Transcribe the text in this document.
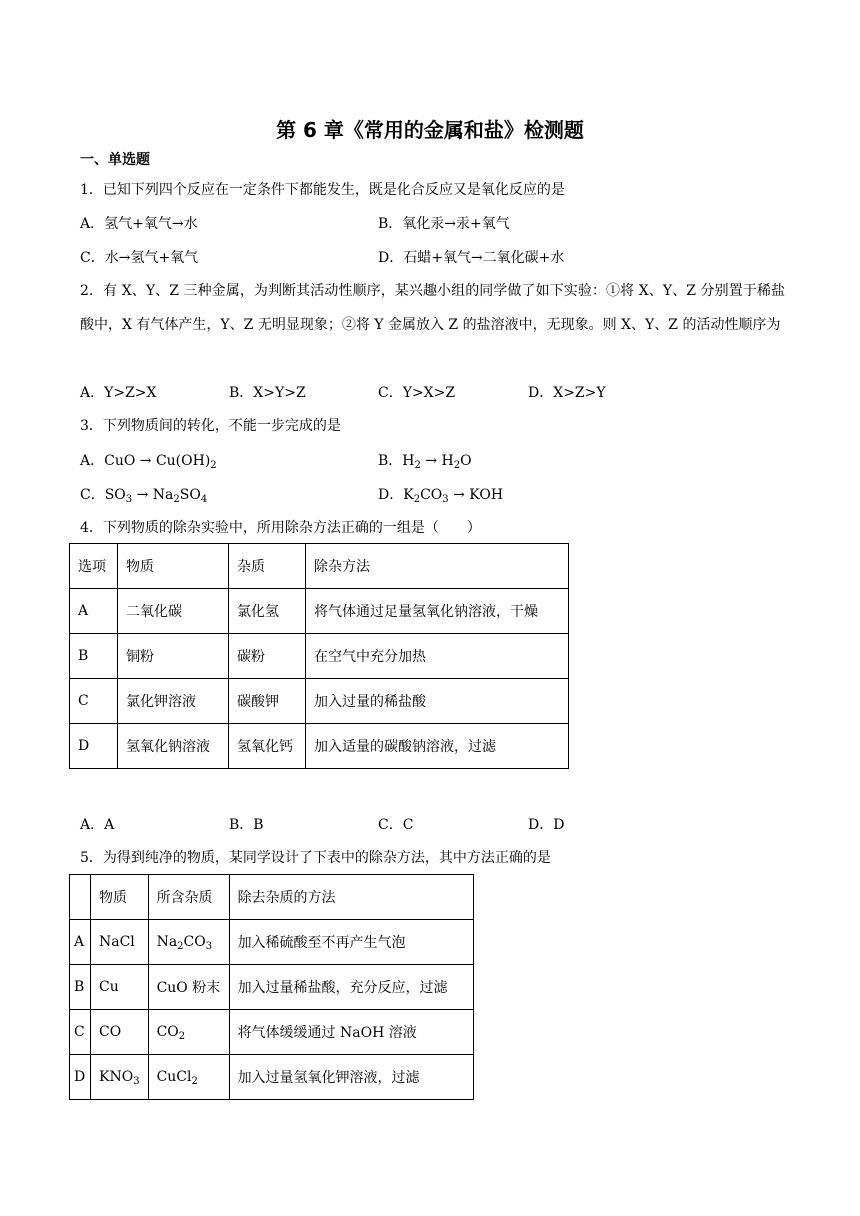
第 6 章《常用的金属和盐》检测题
一、单选题
1．已知下列四个反应在一定条件下都能发生，既是化合反应又是氧化反应的是
A．氢气+氧气→水	B．氧化汞→汞+氧气
C．水→氢气+氧气	D．石蜡+氧气→二氧化碳+水
2．有 X、Y、Z 三种金属，为判断其活动性顺序，某兴趣小组的同学做了如下实验：①将 X、Y、Z 分别置于稀盐酸中，X 有气体产生，Y、Z 无明显现象；②将 Y 金属放入 Z 的盐溶液中，无现象。则 X、Y、Z 的活动性顺序为
A．Y>Z>X	B．X>Y>Z	C．Y>X>Z	D．X>Z>Y
3．下列物质间的转化，不能一步完成的是
A．CuO → $Cu(OH)_2$	B．$H_2 \to H_2O$
C．$SO_3 \to Na_2SO_4$	D．$K_2CO_3$ → KOH
4．下列物质的除杂实验中，所用除杂方法正确的一组是（　　）
选项	物质	杂质	除杂方法
A	二氧化碳	氯化氢	将气体通过足量氢氧化钠溶液，干燥
B	铜粉	碳粉	在空气中充分加热
C	氯化钾溶液	碳酸钾	加入过量的稀盐酸
D	氢氧化钠溶液	氢氧化钙	加入适量的碳酸钠溶液，过滤
A．A	B．B	C．C	D．D
5．为得到纯净的物质，某同学设计了下表中的除杂方法，其中方法正确的是
	物质	所含杂质	除去杂质的方法
A	NaCl	$Na_2CO_3$	加入稀硫酸至不再产生气泡
B	Cu	CuO 粉末	加入过量稀盐酸，充分反应，过滤
C	CO	$CO_2$	将气体缓缓通过 NaOH 溶液
D	$KNO_3$	CuCl$_2$	加入过量氢氧化钾溶液，过滤
